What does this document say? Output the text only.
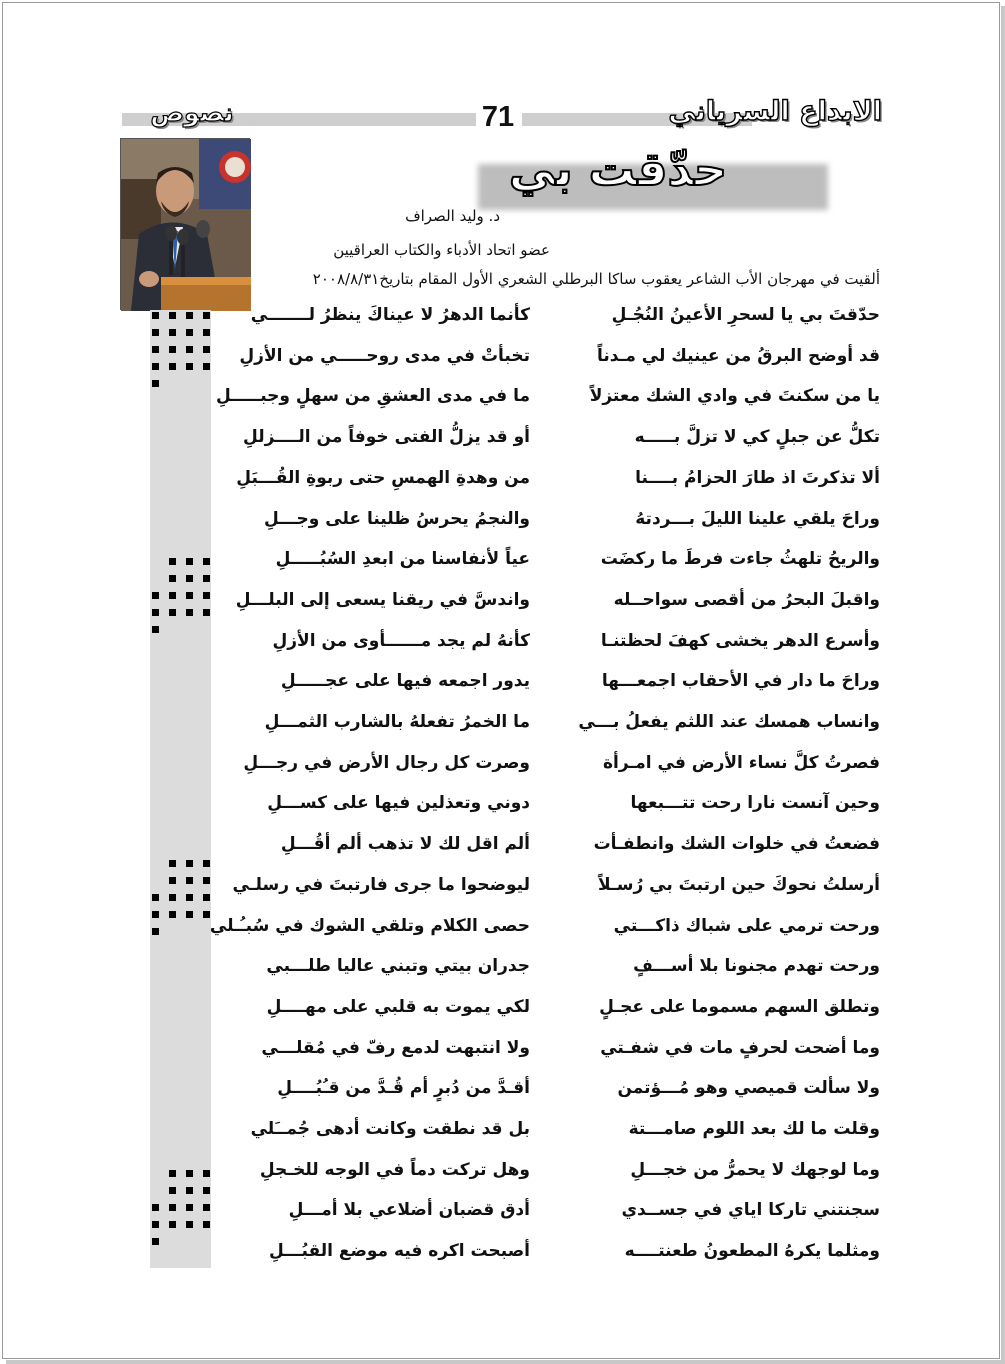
نصوص	71	الابداع السرياني
حدّقت بي
د. وليد الصراف
عضو اتحاد الأدباء والكتاب العراقيين
ألقيت في مهرجان الأب الشاعر يعقوب ساكا البرطلي الشعري الأول المقام بتاريخ٢٠٠٨/٨/٣١
حدّقتَ بي يا لسحرِ الأعينُ النُجُـلِ
كأنما الدهرُ لا عيناكَ ينظرُ لـــــــي
قد أوضح البرقُ من عينيك لي مـدناً
تخبأتْ في مدى روحـــــي من الأزلِ
يا من سكنتَ في وادي الشك معتزلاً
ما في مدى العشقِ من سهلٍ وجبـــــلِ
تكلُّ عن جبلٍ كي لا تزلَّ بـــــه
أو قد يزلُّ الفتى خوفاً من الــــزللِ
ألا تذكرتَ اذ طارَ الحزامُ بــــنا
من وهدةِ الهمسِ حتى ربوةِ القُـــبَلِ
وراحَ يلقي علينا الليلَ بـــردتهُ
والنجمُ يحرسُ ظلينا على وجـــلِ
والريحُ تلهثُ جاءت فرطَ ما ركضَت
عياً لأنفاسنا من ابعدِ السُبُـــــلِ
واقبلَ البحرُ من أقصى سواحــله
واندسَّ في ريقنا يسعى إلى البلـــلِ
وأسرع الدهر يخشى كهفَ لحظتنـا
كأنهُ لم يجد مــــــأوى من الأزلِ
وراحَ ما دار في الأحقاب اجمعـــها
يدور اجمعه فيها على عجـــــلِ
وانساب همسك عند اللثم يفعلُ بـــي
ما الخمرُ تفعلهُ بالشارب الثمـــلِ
فصرتُ كلَّ نساء الأرض في امـرأة
وصرت كل رجال الأرض في رجـــلِ
وحين آنست نارا رحت تتـــبعها
دوني وتعذلين فيها على كســـلِ
فضعتُ في خلوات الشك وانطفـأت
ألم اقل لك لا تذهب ألم أقُـــلِ
أرسلتُ نحوكَ حين ارتبتَ بي رُسـلاً
ليوضحوا ما جرى فارتبتَ في رسلـي
ورحت ترمي على شباك ذاكـــتي
حصى الكلام وتلقي الشوك في سُبـُـلي
ورحت تهدم مجنونا بلا أســـفٍ
جدران بيتي وتبني عاليا طلـــبي
وتطلق السهم مسموما على عجـلٍ
لكي يموت به قلبي على مهــــلِ
وما أضحت لحرفٍ مات في شفـتي
ولا انتبهت لدمع رفّ في مُقلـــي
ولا سألت قميصي وهو مُـــؤتمن
أقـدَّ من دُبرٍ أم قُـدَّ من قـُبُــــلِ
وقلت ما لك بعد اللوم صامـــتة
بل قد نطقت وكانت أدهى جُمــَلي
وما لوجهك لا يحمرُّ من خجـــلِ
وهل تركت دماً في الوجه للخـجلِ
سجنتني تاركا اياي في جســدي
أدق قضبان أضلاعي بلا أمـــلِ
ومثلما يكرهُ المطعونُ طعنتــــه
أصبحت اكره فيه موضع القبُـــلِ
